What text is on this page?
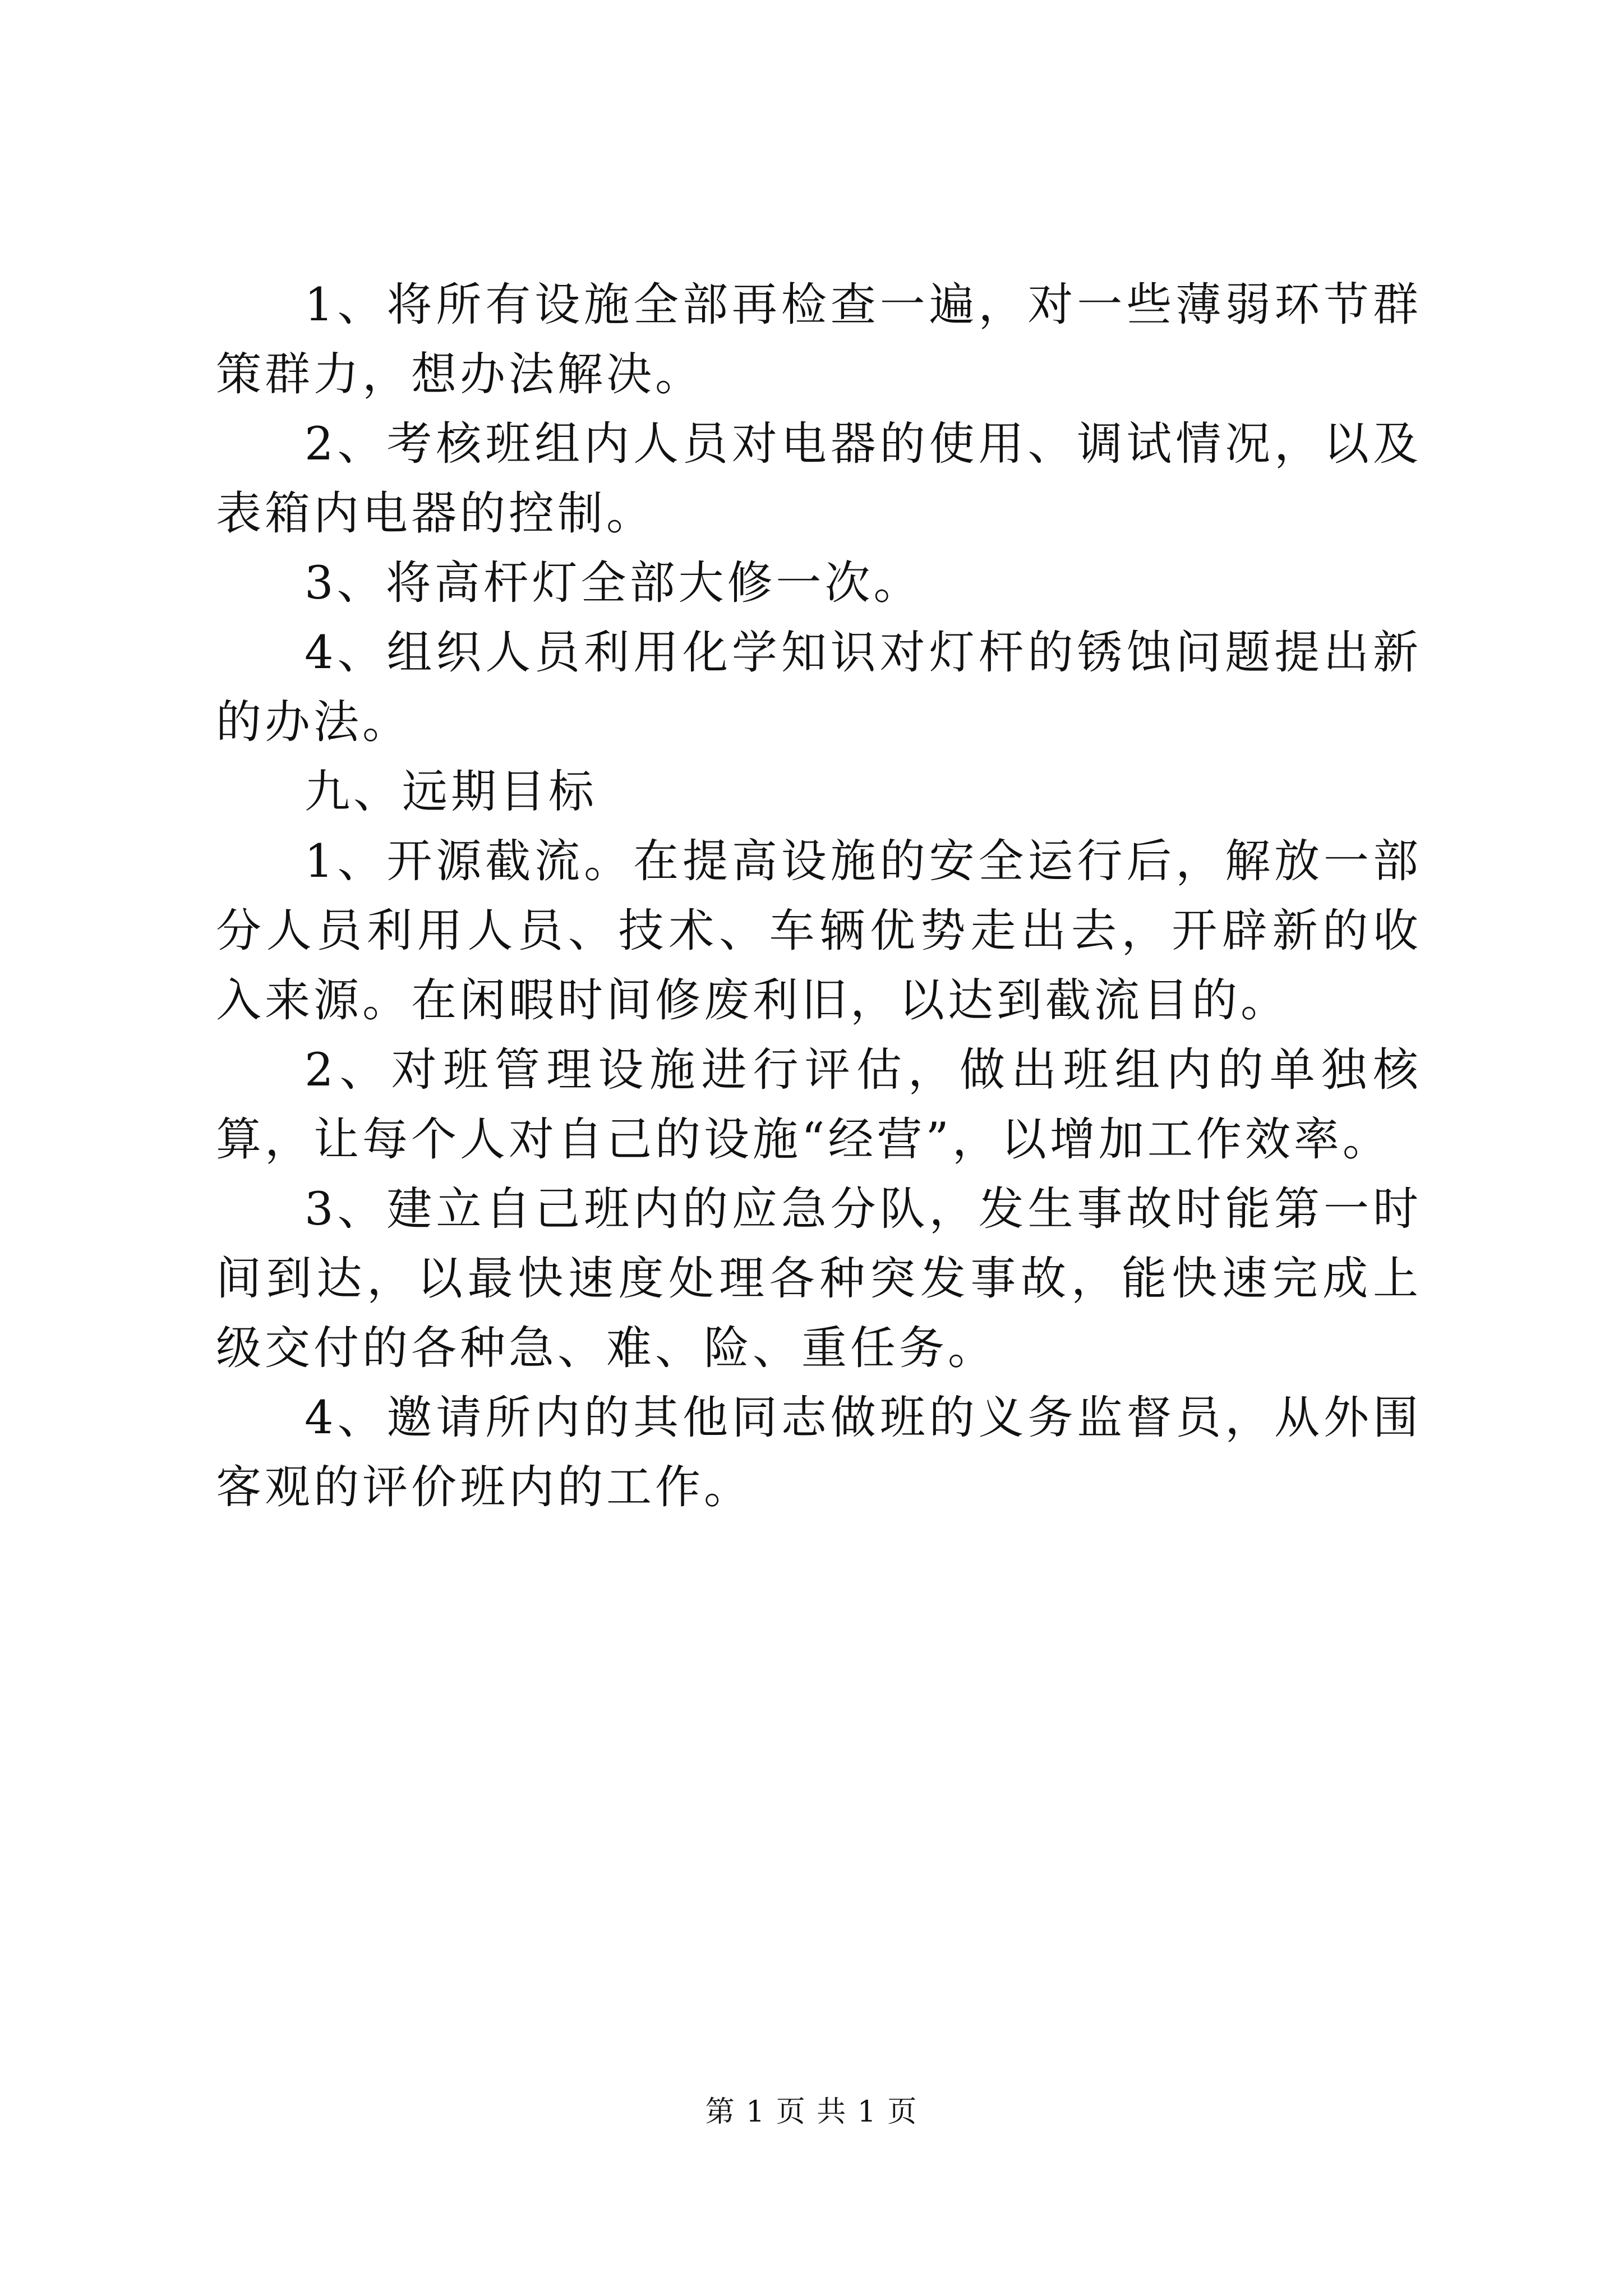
1、将所有设施全部再检查一遍，对一些薄弱环节群策群力，想办法解决。

2、考核班组内人员对电器的使用、调试情况，以及表箱内电器的控制。

3、将高杆灯全部大修一次。

4、组织人员利用化学知识对灯杆的锈蚀问题提出新的办法。

九、远期目标

1、开源截流。在提高设施的安全运行后，解放一部分人员利用人员、技术、车辆优势走出去，开辟新的收入来源。在闲暇时间修废利旧，以达到截流目的。

2、对班管理设施进行评估，做出班组内的单独核算，让每个人对自己的设施“经营”，以增加工作效率。

3、建立自己班内的应急分队，发生事故时能第一时间到达，以最快速度处理各种突发事故，能快速完成上级交付的各种急、难、险、重任务。

4、邀请所内的其他同志做班的义务监督员，从外围客观的评价班内的工作。

第 1 页 共 1 页
